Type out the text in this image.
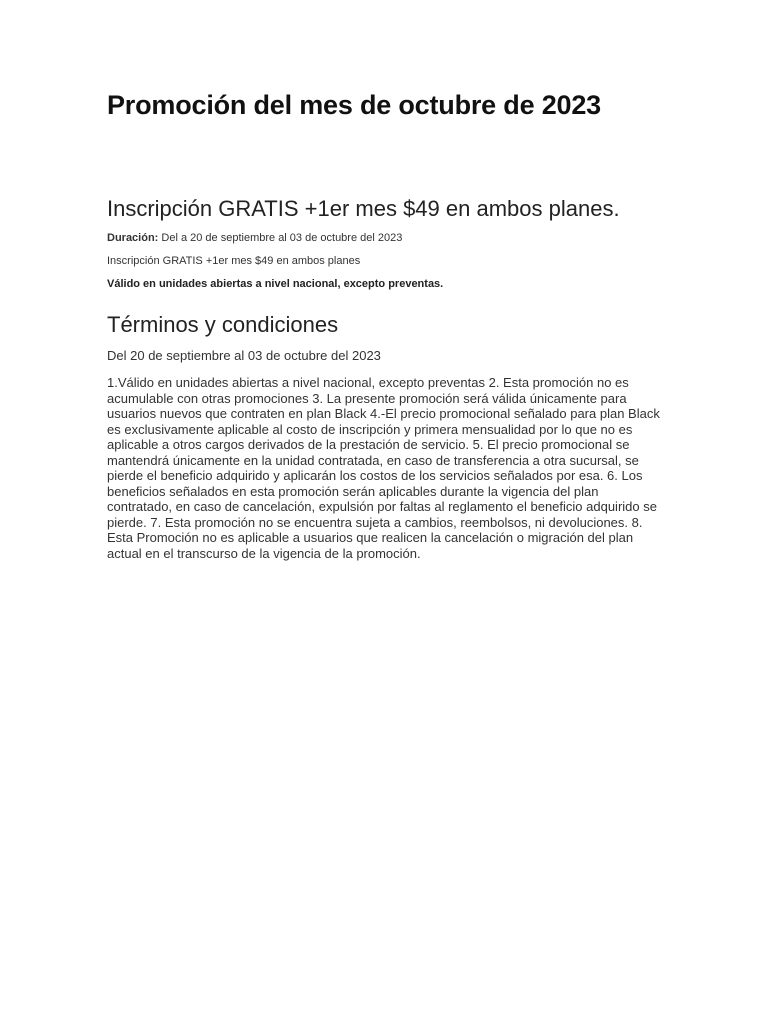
Promoción del mes de octubre de 2023
Inscripción GRATIS +1er mes $49 en ambos planes.

Duración: Del a 20 de septiembre al 03 de octubre del 2023

Inscripción GRATIS +1er mes $49 en ambos planes

Válido en unidades abiertas a nivel nacional, excepto preventas.

Términos y condiciones

Del 20 de septiembre al 03 de octubre del 2023

1.Válido en unidades abiertas a nivel nacional, excepto preventas 2. Esta promoción no es acumulable con otras promociones 3. La presente promoción será válida únicamente para usuarios nuevos que contraten en plan Black 4.-El precio promocional señalado para plan Black es exclusivamente aplicable al costo de inscripción y primera mensualidad por lo que no es aplicable a otros cargos derivados de la prestación de servicio. 5. El precio promocional se mantendrá únicamente en la unidad contratada, en caso de transferencia a otra sucursal, se pierde el beneficio adquirido y aplicarán los costos de los servicios señalados por esa. 6. Los beneficios señalados en esta promoción serán aplicables durante la vigencia del plan contratado, en caso de cancelación, expulsión por faltas al reglamento el beneficio adquirido se pierde. 7. Esta promoción no se encuentra sujeta a cambios, reembolsos, ni devoluciones. 8. Esta Promoción no es aplicable a usuarios que realicen la cancelación o migración del plan actual en el transcurso de la vigencia de la promoción.
